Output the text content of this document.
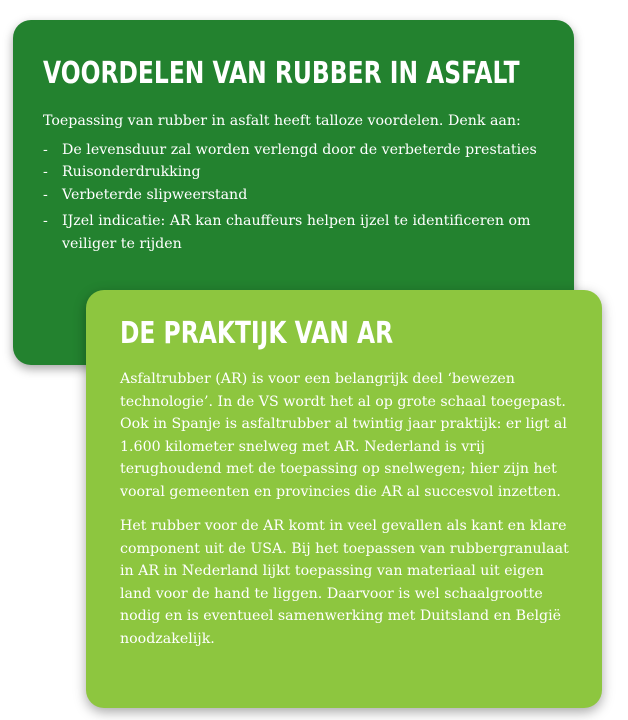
VOORDELEN VAN RUBBER IN ASFALT

Toepassing van rubber in asfalt heeft talloze voordelen. Denk aan:

- De levensduur zal worden verlengd door de verbeterde prestaties
- Ruisonderdrukking
- Verbeterde slipweerstand
- IJzel indicatie: AR kan chauffeurs helpen ijzel te identificeren om veiliger te rijden
DE PRAKTIJK VAN AR

Asfaltrubber (AR) is voor een belangrijk deel ‘bewezen technologie’. In de VS wordt het al op grote schaal toegepast. Ook in Spanje is asfaltrubber al twintig jaar praktijk: er ligt al 1.600 kilometer snelweg met AR. Nederland is vrij terughoudend met de toepassing op snelwegen; hier zijn het vooral gemeenten en provincies die AR al succesvol inzetten.

Het rubber voor de AR komt in veel gevallen als kant en klare component uit de USA. Bij het toepassen van rubbergranulaat in AR in Nederland lijkt toepassing van materiaal uit eigen land voor de hand te liggen. Daarvoor is wel schaalgrootte nodig en is eventueel samenwerking met Duitsland en België noodzakelijk.
